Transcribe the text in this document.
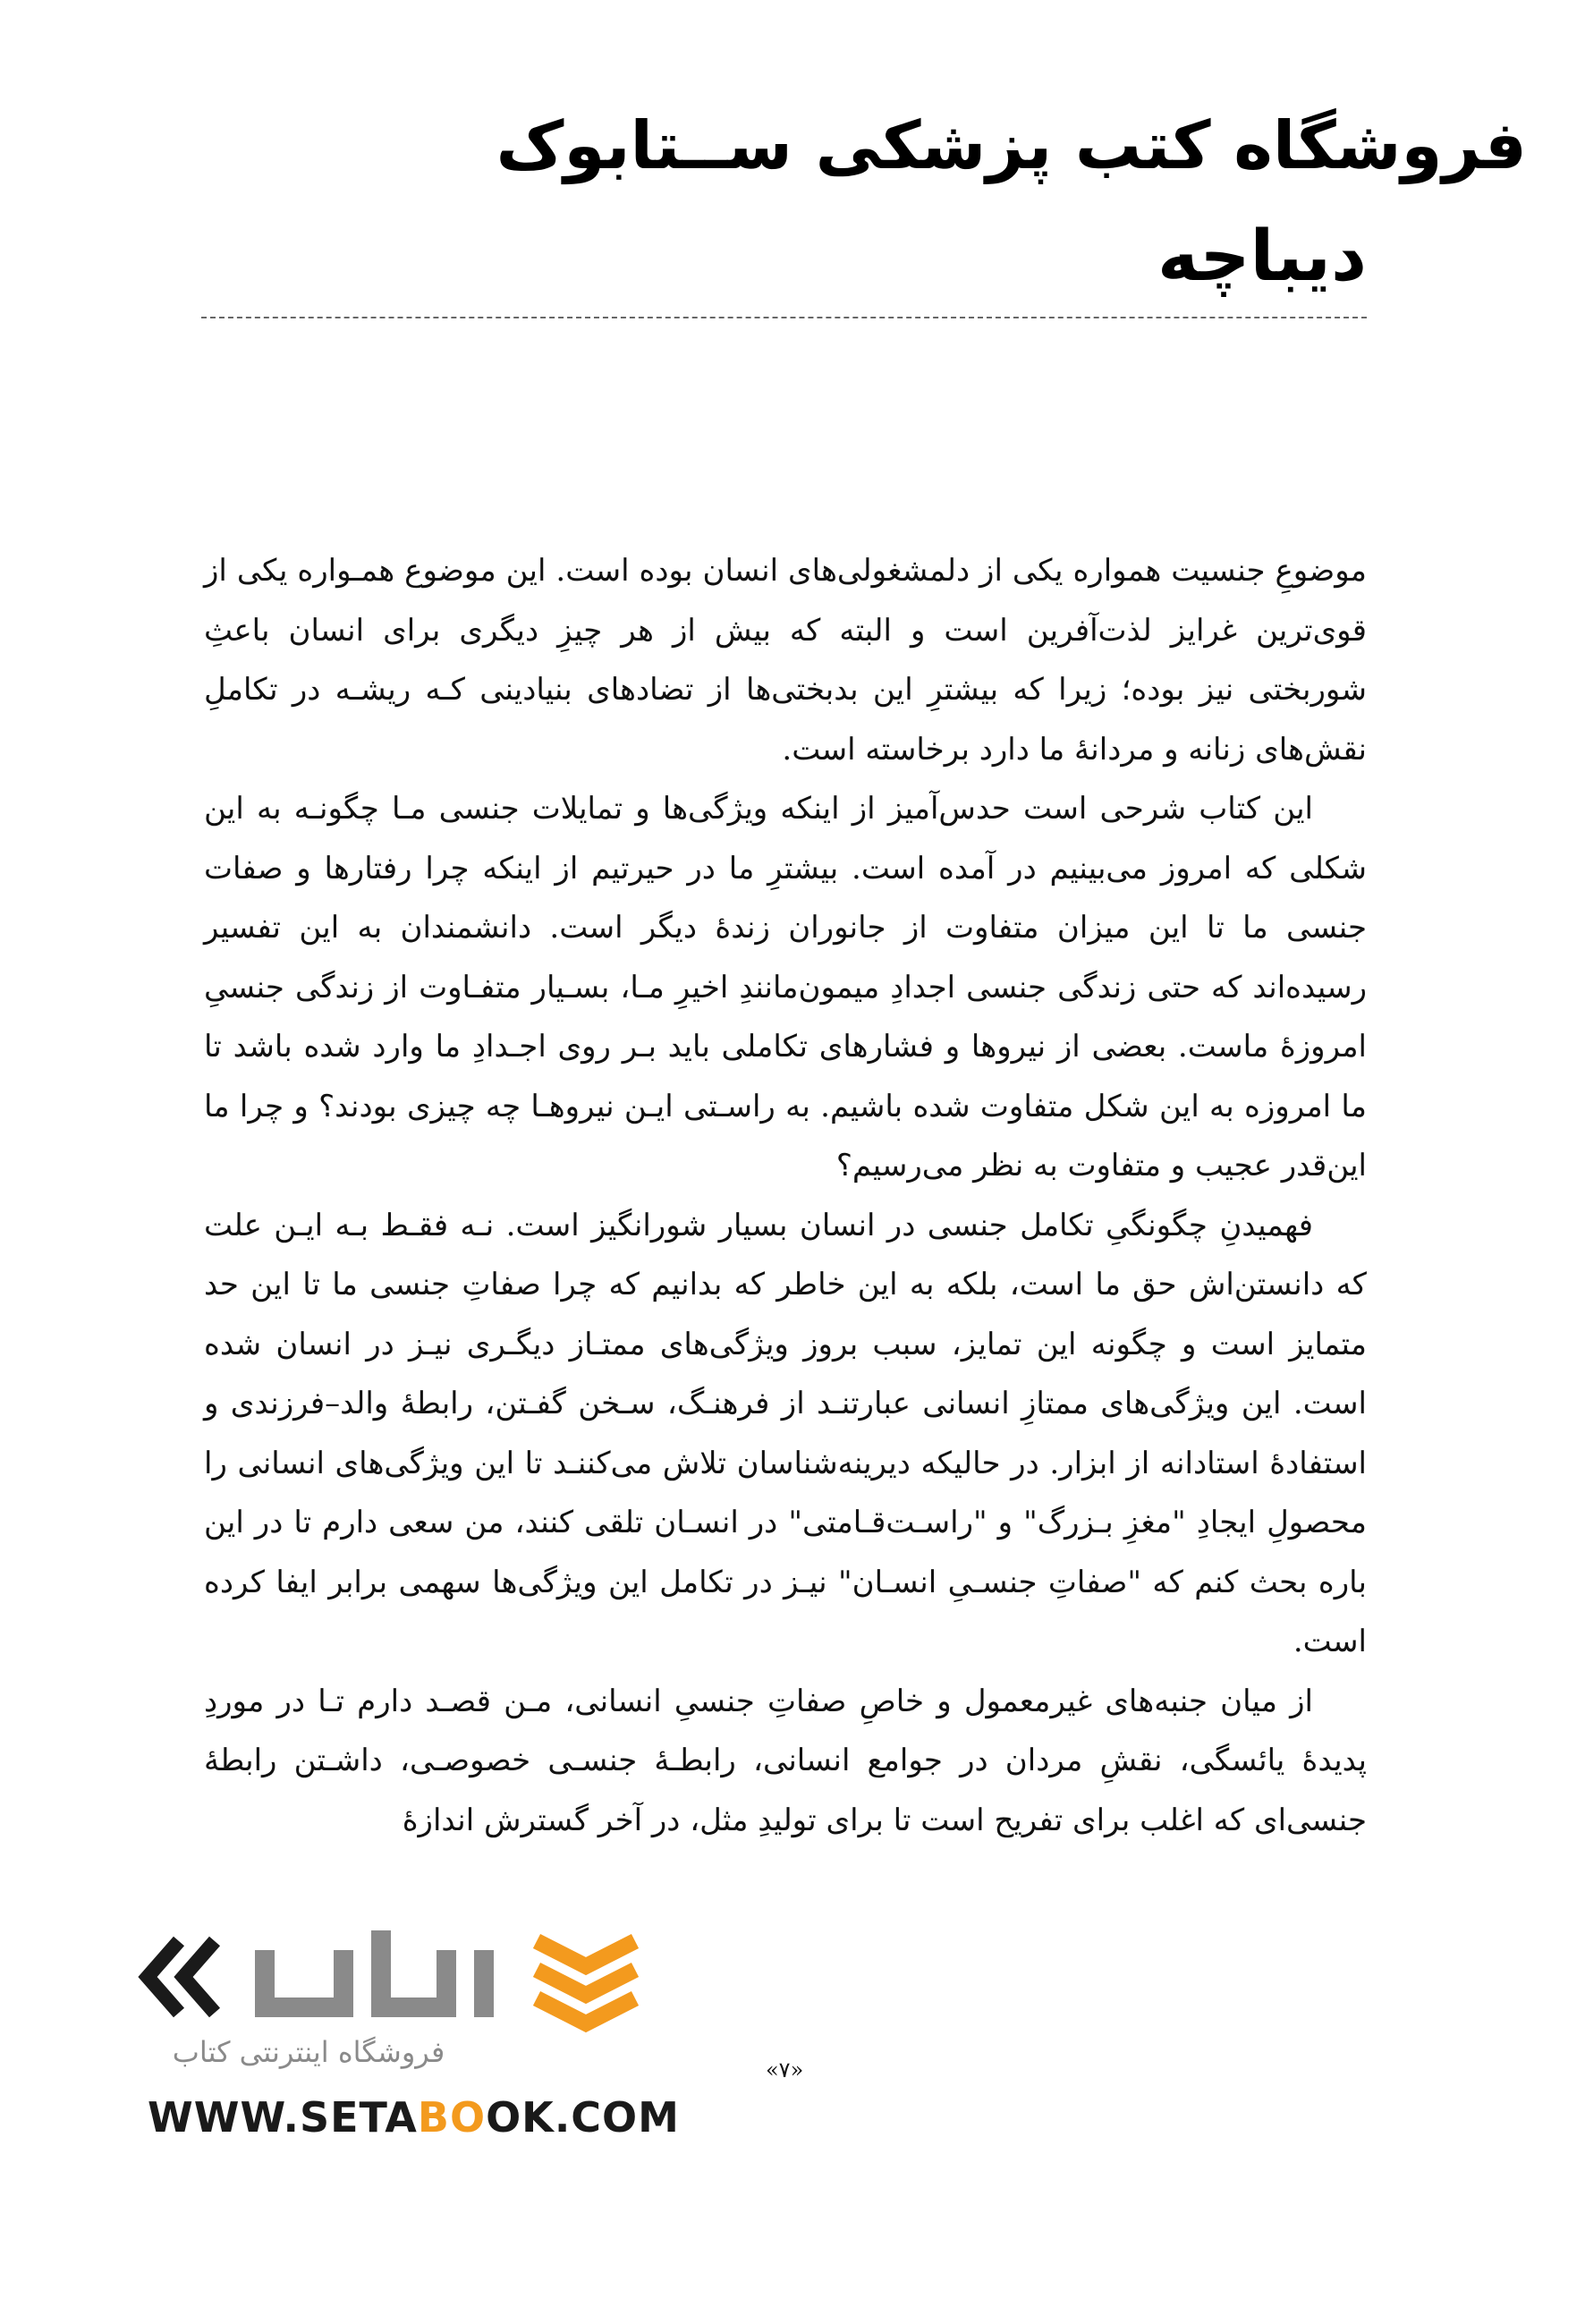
فروشگاه کتب پزشکی ســتابوک
دیباچه

موضوعِ جنسیت همواره یکی از دلمشغولی‌های انسان بوده است. این موضوع همـواره یکی از قوی‌ترین غرایز لذت‌آفرین است و البته که بیش از هر چیزِ دیگری برای انسان باعثِ شوربختی نیز بوده؛ زیرا که بیشترِ این بدبختی‌ها از تضادهای بنیادینی کـه ریشـه در تکاملِ نقش‌های زنانه و مردانهٔ ما دارد برخاسته است.

این کتاب شرحی است حدس‌آمیز از اینکه ویژگی‌ها و تمایلات جنسی مـا چگونـه به این شکلی که امروز می‌بینیم در آمده است. بیشترِ ما در حیرتیم از اینکه چرا رفتارها و صفات جنسی ما تا این میزان متفاوت از جانوران زندهٔ دیگر است. دانشمندان به این تفسیر رسیده‌اند که حتی زندگی جنسی اجدادِ میمون‌مانندِ اخیرِ مـا، بسـیار متفـاوت از زندگی جنسیِ امروزهٔ ماست. بعضی از نیروها و فشارهای تکاملی باید بـر روی اجـدادِ ما وارد شده باشد تا ما امروزه به این شکل متفاوت شده باشیم. به راسـتی ایـن نیروهـا چه چیزی بودند؟ و چرا ما این‌قدر عجیب و متفاوت به نظر می‌رسیم؟

فهمیدنِ چگونگیِ تکامل جنسی در انسان بسیار شورانگیز است. نـه فقـط بـه ایـن علت که دانستن‌اش حق ما است، بلکه به این خاطر که بدانیم که چرا صفاتِ جنسی ما تا این حد متمایز است و چگونه این تمایز، سبب بروز ویژگی‌های ممتـاز دیگـری نیـز در انسان شده است. این ویژگی‌های ممتازِ انسانی عبارتنـد از فرهنـگ، سـخن گفـتن، رابطهٔ والد–فرزندی و استفادهٔ استادانه از ابزار. در حالیکه دیرینه‌شناسان تلاش می‌کننـد تا این ویژگی‌های انسانی را محصولِ ایجادِ "مغزِ بـزرگ" و "راسـت‌قـامتی" در انسـان تلقی کنند، من سعی دارم تا در این باره بحث کنم که "صفاتِ جنسـیِ انسـان" نیـز در تکامل این ویژگی‌ها سهمی برابر ایفا کرده است.

از میان جنبه‌های غیرمعمول و خاصِ صفاتِ جنسیِ انسانی، مـن قصـد دارم تـا در موردِ پدیدهٔ یائسگی، نقشِ مردان در جوامع انسانی، رابطـهٔ جنسـی خصوصـی، داشـتن رابطهٔ جنسی‌ای که اغلب برای تفریح است تا برای تولیدِ مثل، در آخر گسترش اندازهٔ

«۷»
فروشگاه اینترنتی کتاب
WWW.SETABOOK.COM
